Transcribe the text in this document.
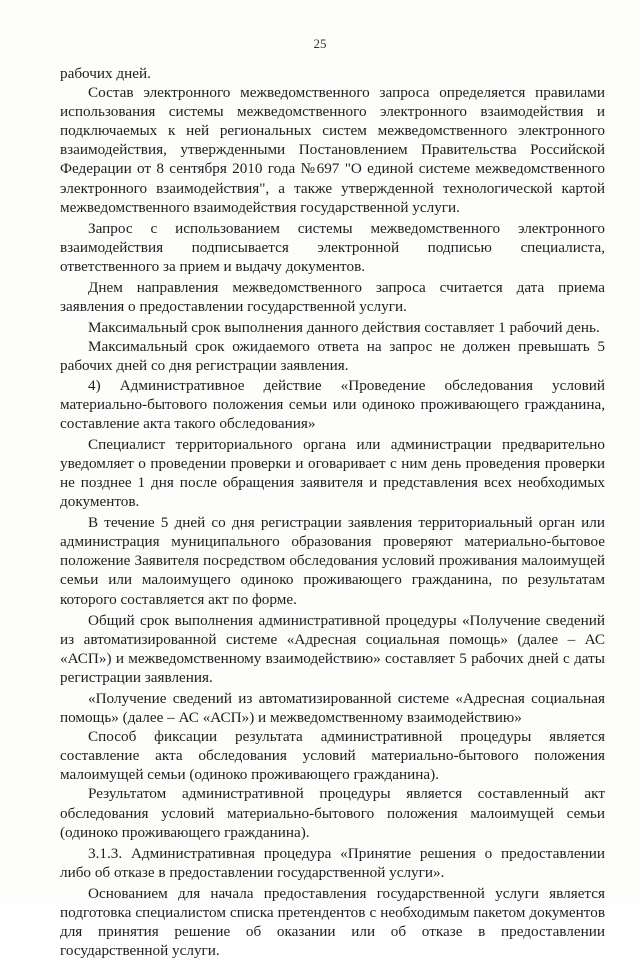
25

рабочих дней.

Состав электронного межведомственного запроса определяется правилами использования системы межведомственного электронного взаимодействия и подключаемых к ней региональных систем межведомственного электронного взаимодействия, утвержденными Постановлением Правительства Российской Федерации от 8 сентября 2010 года №697 "О единой системе межведомственного электронного взаимодействия", а также утвержденной технологической картой межведомственного взаимодействия государственной услуги.

Запрос с использованием системы межведомственного электронного взаимодействия подписывается электронной подписью специалиста, ответственного за прием и выдачу документов.

Днем направления межведомственного запроса считается дата приема заявления о предоставлении государственной услуги.

Максимальный срок выполнения данного действия составляет 1 рабочий день.

Максимальный срок ожидаемого ответа на запрос не должен превышать 5 рабочих дней со дня регистрации заявления.

4) Административное действие «Проведение обследования условий материально-бытового положения семьи или одиноко проживающего гражданина, составление акта такого обследования»

Специалист территориального органа или администрации предварительно уведомляет о проведении проверки и оговаривает с ним день проведения проверки не позднее 1 дня после обращения заявителя и представления всех необходимых документов.

В течение 5 дней со дня регистрации заявления территориальный орган или администрация муниципального образования проверяют материально-бытовое положение Заявителя посредством обследования условий проживания малоимущей семьи или малоимущего одиноко проживающего гражданина, по результатам которого составляется акт по форме.

Общий срок выполнения административной процедуры «Получение сведений из автоматизированной системе «Адресная социальная помощь» (далее – АС «АСП») и межведомственному взаимодействию» составляет 5 рабочих дней с даты регистрации заявления.

«Получение сведений из автоматизированной системе «Адресная социальная помощь» (далее – АС «АСП») и межведомственному взаимодействию»

Способ фиксации результата административной процедуры является составление акта обследования условий материально-бытового положения малоимущей семьи (одиноко проживающего гражданина).

Результатом административной процедуры является составленный акт обследования условий материально-бытового положения малоимущей семьи (одиноко проживающего гражданина).

3.1.3. Административная процедура «Принятие решения о предоставлении либо об отказе в предоставлении государственной услуги».

Основанием для начала предоставления государственной услуги является подготовка специалистом списка претендентов с необходимым пакетом документов для принятия решение об оказании или об отказе в предоставлении государственной услуги.
